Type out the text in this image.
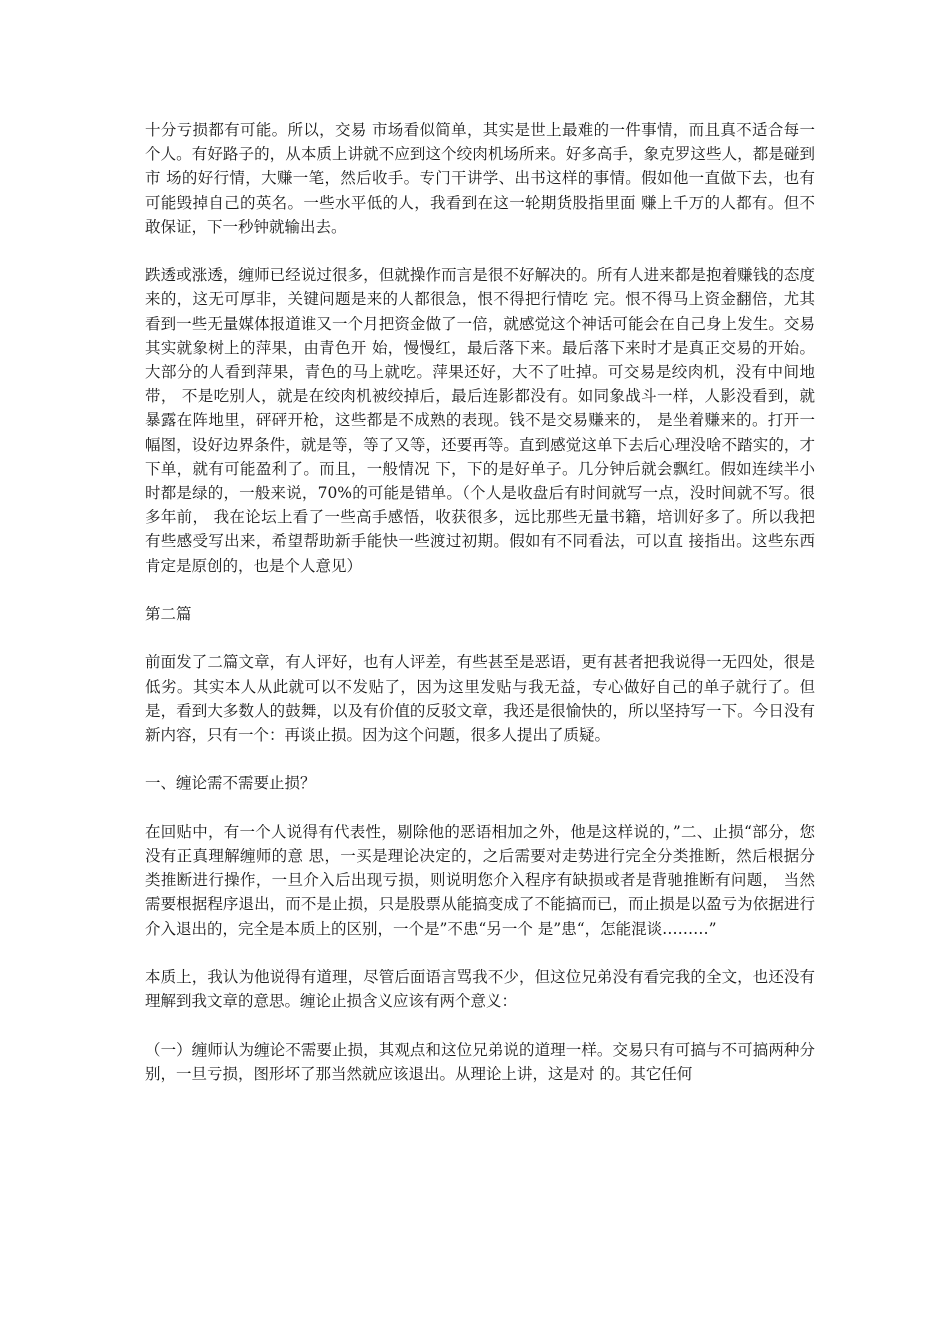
十分亏损都有可能。所以，交易 市场看似简单，其实是世上最难的一件事情，而且真不适合每一个人。有好路子的，从本质上讲就不应到这个绞肉机场所来。好多高手，象克罗这些人，都是碰到市 场的好行情，大赚一笔，然后收手。专门干讲学、出书这样的事情。假如他一直做下去，也有可能毁掉自己的英名。一些水平低的人，我看到在这一轮期货股指里面 赚上千万的人都有。但不敢保证，下一秒钟就输出去。

跌透或涨透，缠师已经说过很多，但就操作而言是很不好解决的。所有人进来都是抱着赚钱的态度来的，这无可厚非，关键问题是来的人都很急，恨不得把行情吃 完。恨不得马上资金翻倍，尤其看到一些无量媒体报道谁又一个月把资金做了一倍，就感觉这个神话可能会在自己身上发生。交易其实就象树上的萍果，由青色开 始，慢慢红，最后落下来。最后落下来时才是真正交易的开始。大部分的人看到萍果，青色的马上就吃。萍果还好，大不了吐掉。可交易是绞肉机，没有中间地带， 不是吃别人，就是在绞肉机被绞掉后，最后连影都没有。如同象战斗一样，人影没看到，就暴露在阵地里，砰砰开枪，这些都是不成熟的表现。钱不是交易赚来的， 是坐着赚来的。打开一幅图，设好边界条件，就是等，等了又等，还要再等。直到感觉这单下去后心理没啥不踏实的，才下单，就有可能盈利了。而且，一般情况 下，下的是好单子。几分钟后就会飘红。假如连续半小时都是绿的，一般来说，70%的可能是错单。（个人是收盘后有时间就写一点，没时间就不写。很多年前， 我在论坛上看了一些高手感悟，收获很多，远比那些无量书籍，培训好多了。所以我把有些感受写出来，希望帮助新手能快一些渡过初期。假如有不同看法，可以直 接指出。这些东西肯定是原创的，也是个人意见）

第二篇

前面发了二篇文章，有人评好，也有人评差，有些甚至是恶语，更有甚者把我说得一无四处，很是低劣。其实本人从此就可以不发贴了，因为这里发贴与我无益，专心做好自己的单子就行了。但是，看到大多数人的鼓舞，以及有价值的反驳文章，我还是很愉快的，所以坚持写一下。今日没有新内容，只有一个：再谈止损。因为这个问题，很多人提出了质疑。

一、缠论需不需要止损？

在回贴中，有一个人说得有代表性，剔除他的恶语相加之外，他是这样说的，”二、止损“部分，您没有正真理解缠师的意 思，一买是理论决定的，之后需要对走势进行完全分类推断，然后根据分类推断进行操作，一旦介入后出现亏损，则说明您介入程序有缺损或者是背驰推断有问题， 当然需要根据程序退出，而不是止损，只是股票从能搞变成了不能搞而已，而止损是以盈亏为依据进行介入退出的，完全是本质上的区别，一个是”不患“另一个 是”患“，怎能混谈………”

本质上，我认为他说得有道理，尽管后面语言骂我不少，但这位兄弟没有看完我的全文，也还没有理解到我文章的意思。缠论止损含义应该有两个意义：

（一）缠师认为缠论不需要止损，其观点和这位兄弟说的道理一样。交易只有可搞与不可搞两种分别，一旦亏损，图形坏了那当然就应该退出。从理论上讲，这是对 的。其它任何
